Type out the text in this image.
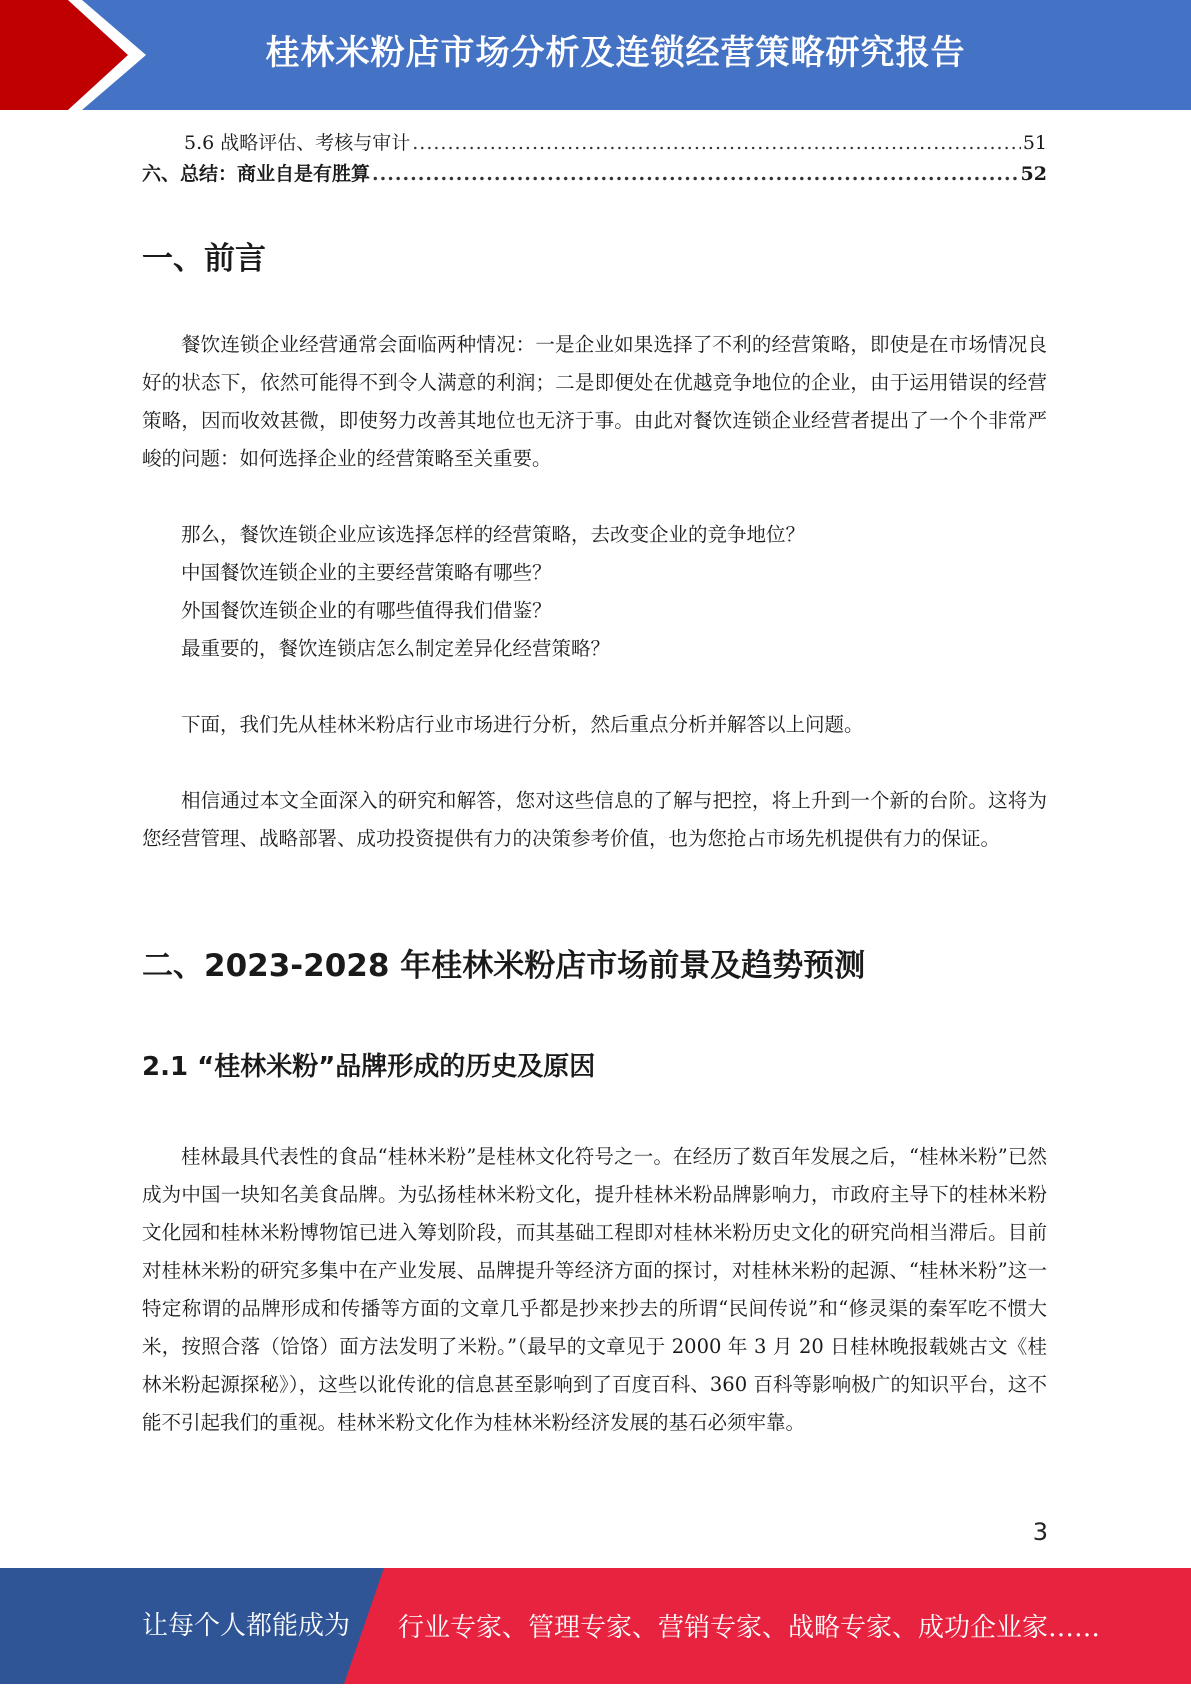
桂林米粉店市场分析及连锁经营策略研究报告
5.6 战略评估、考核与审计 .....	51
六、总结：商业自是有胜算 .....	52
一、前言

餐饮连锁企业经营通常会面临两种情况：一是企业如果选择了不利的经营策略，即使是在市场情况良好的状态下，依然可能得不到令人满意的利润；二是即便处在优越竞争地位的企业，由于运用错误的经营策略，因而收效甚微，即使努力改善其地位也无济于事。由此对餐饮连锁企业经营者提出了一个个非常严峻的问题：如何选择企业的经营策略至关重要。

那么，餐饮连锁企业应该选择怎样的经营策略，去改变企业的竞争地位？
中国餐饮连锁企业的主要经营策略有哪些？
外国餐饮连锁企业的有哪些值得我们借鉴？
最重要的，餐饮连锁店怎么制定差异化经营策略？

下面，我们先从桂林米粉店行业市场进行分析，然后重点分析并解答以上问题。

相信通过本文全面深入的研究和解答，您对这些信息的了解与把控，将上升到一个新的台阶。这将为您经营管理、战略部署、成功投资提供有力的决策参考价值，也为您抢占市场先机提供有力的保证。

二、2023-2028 年桂林米粉店市场前景及趋势预测
2.1 “桂林米粉”品牌形成的历史及原因

桂林最具代表性的食品“桂林米粉”是桂林文化符号之一。在经历了数百年发展之后，“桂林米粉”已然成为中国一块知名美食品牌。为弘扬桂林米粉文化，提升桂林米粉品牌影响力，市政府主导下的桂林米粉文化园和桂林米粉博物馆已进入筹划阶段，而其基础工程即对桂林米粉历史文化的研究尚相当滞后。目前对桂林米粉的研究多集中在产业发展、品牌提升等经济方面的探讨，对桂林米粉的起源、“桂林米粉”这一特定称谓的品牌形成和传播等方面的文章几乎都是抄来抄去的所谓“民间传说”和“修灵渠的秦军吃不惯大米，按照合落（饸饹）面方法发明了米粉。”（最早的文章见于 2000 年 3 月 20 日桂林晚报载姚古文《桂林米粉起源探秘》），这些以讹传讹的信息甚至影响到了百度百科、360 百科等影响极广的知识平台，这不能不引起我们的重视。桂林米粉文化作为桂林米粉经济发展的基石必须牢靠。

3
让每个人都能成为 行业专家、管理专家、营销专家、战略专家、成功企业家……
